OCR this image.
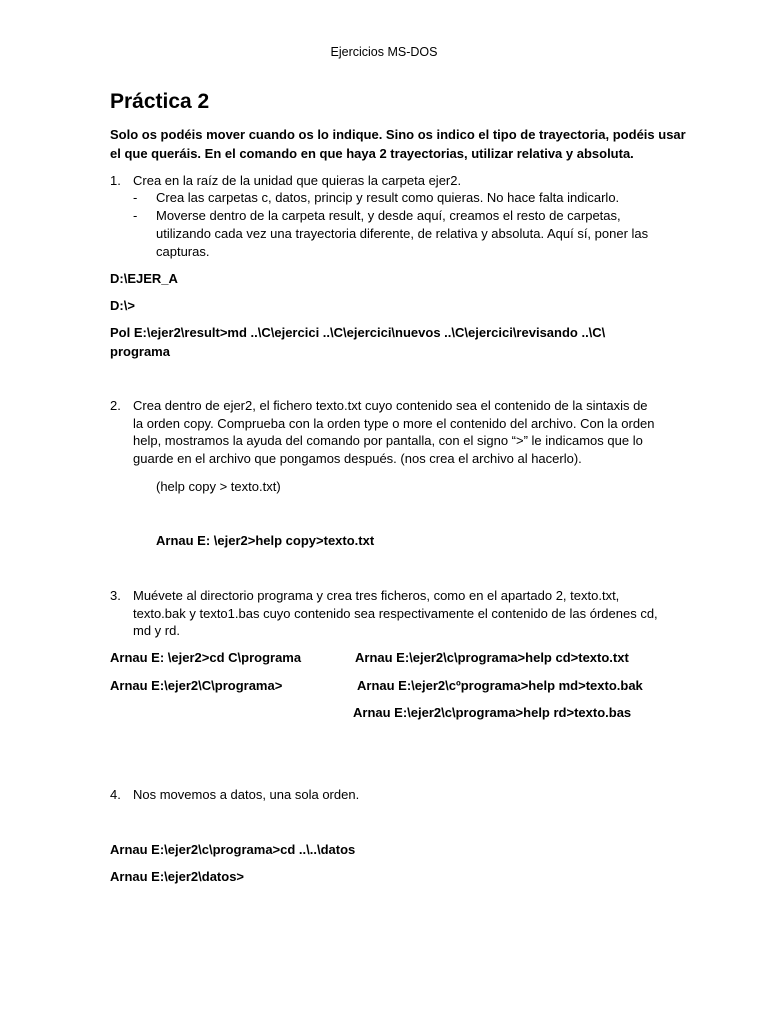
Ejercicios MS-DOS
Práctica 2
Solo os podéis mover cuando os lo indique. Sino os indico el tipo de trayectoria, podéis usar
el que queráis. En el comando en que haya 2 trayectorias, utilizar relativa y absoluta.
1. Crea en la raíz de la unidad que quieras la carpeta ejer2.
- Crea las carpetas c, datos, princip y result como quieras. No hace falta indicarlo.
- Moverse dentro de la carpeta result, y desde aquí, creamos el resto de carpetas,
utilizando cada vez una trayectoria diferente, de relativa y absoluta. Aquí sí, poner las
capturas.
D:\EJER_A
D:\>
Pol E:\ejer2\result>md ..\C\ejercici ..\C\ejercici\nuevos ..\C\ejercici\revisando ..\C\
programa
2. Crea dentro de ejer2, el fichero texto.txt cuyo contenido sea el contenido de la sintaxis de
la orden copy. Comprueba con la orden type o more el contenido del archivo. Con la orden
help, mostramos la ayuda del comando por pantalla, con el signo “>” le indicamos que lo
guarde en el archivo que pongamos después. (nos crea el archivo al hacerlo).
(help copy > texto.txt)
Arnau E: \ejer2>help copy>texto.txt
3. Muévete al directorio programa y crea tres ficheros, como en el apartado 2, texto.txt,
texto.bak y texto1.bas cuyo contenido sea respectivamente el contenido de las órdenes cd,
md y rd.
Arnau E: \ejer2>cd C\programa	Arnau E:\ejer2\c\programa>help cd>texto.txt
Arnau E:\ejer2\C\programa>	Arnau E:\ejer2\cºprograma>help md>texto.bak
Arnau E:\ejer2\c\programa>help rd>texto.bas
4. Nos movemos a datos, una sola orden.
Arnau E:\ejer2\c\programa>cd ..\..\datos
Arnau E:\ejer2\datos>
